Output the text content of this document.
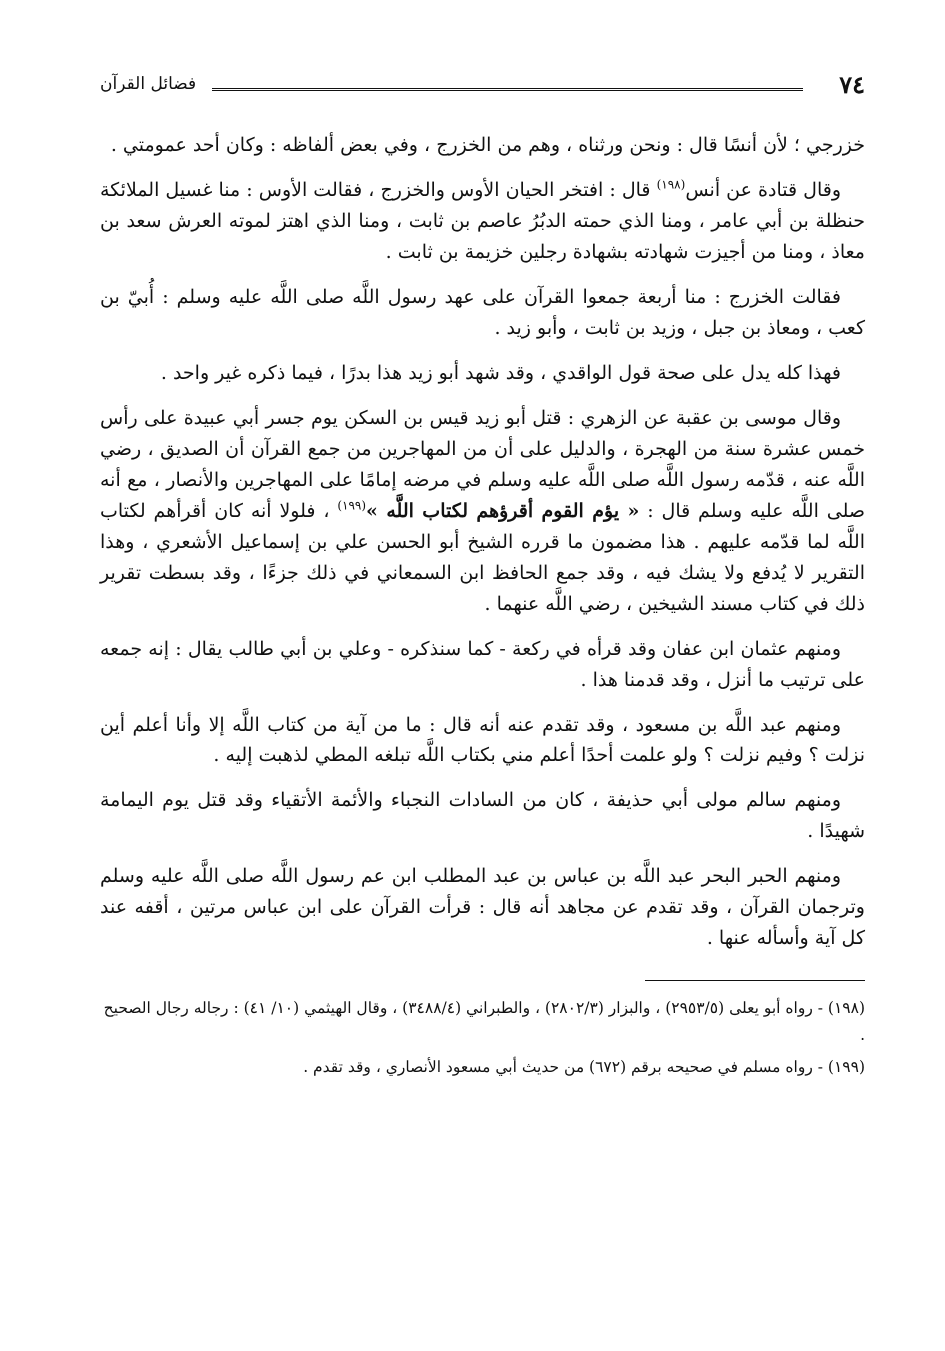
٧٤
فضائل القرآن

خزرجي ؛ لأن أنسًا قال : ونحن ورثناه ، وهم من الخزرج ، وفي بعض ألفاظه : وكان أحد عمومتي .

وقال قتادة عن أنس$^{(١٩٨)}$ قال : افتخر الحيان الأوس والخزرج ، فقالت الأوس : منا غسيل الملائكة حنظلة بن أبي عامر ، ومنا الذي حمته الدبُرُ عاصم بن ثابت ، ومنا الذي اهتز لموته العرش سعد بن معاذ ، ومنا من أجيزت شهادته بشهادة رجلين خزيمة بن ثابت .

فقالت الخزرج : منا أربعة جمعوا القرآن على عهد رسول اللَّه صلى اللَّه عليه وسلم : أُبيّ بن كعب ، ومعاذ بن جبل ، وزيد بن ثابت ، وأبو زيد .

فهذا كله يدل على صحة قول الواقدي ، وقد شهد أبو زيد هذا بدرًا ، فيما ذكره غير واحد .

وقال موسى بن عقبة عن الزهري : قتل أبو زيد قيس بن السكن يوم جسر أبي عبيدة على رأس خمس عشرة سنة من الهجرة ، والدليل على أن من المهاجرين من جمع القرآن أن الصديق ، رضي اللَّه عنه ، قدّمه رسول اللَّه صلى اللَّه عليه وسلم في مرضه إمامًا على المهاجرين والأنصار ، مع أنه صلى اللَّه عليه وسلم قال : « يؤم القوم أقرؤهم لكتاب اللَّه »$^{(١٩٩)}$ ، فلولا أنه كان أقرأهم لكتاب اللَّه لما قدّمه عليهم . هذا مضمون ما قرره الشيخ أبو الحسن علي بن إسماعيل الأشعري ، وهذا التقرير لا يُدفع ولا يشك فيه ، وقد جمع الحافظ ابن السمعاني في ذلك جزءًا ، وقد بسطت تقرير ذلك في كتاب مسند الشيخين ، رضي اللَّه عنهما .

ومنهم عثمان ابن عفان وقد قرأه في ركعة - كما سنذكره - وعلي بن أبي طالب يقال : إنه جمعه على ترتيب ما أنزل ، وقد قدمنا هذا .

ومنهم عبد اللَّه بن مسعود ، وقد تقدم عنه أنه قال : ما من آية من كتاب اللَّه إلا وأنا أعلم أين نزلت ؟ وفيم نزلت ؟ ولو علمت أحدًا أعلم مني بكتاب اللَّه تبلغه المطي لذهبت إليه .

ومنهم سالم مولى أبي حذيفة ، كان من السادات النجباء والأئمة الأتقياء وقد قتل يوم اليمامة شهيدًا .

ومنهم الحبر البحر عبد اللَّه بن عباس بن عبد المطلب ابن عم رسول اللَّه صلى اللَّه عليه وسلم وترجمان القرآن ، وقد تقدم عن مجاهد أنه قال : قرأت القرآن على ابن عباس مرتين ، أقفه عند كل آية وأسأله عنها .

(١٩٨) - رواه أبو يعلى (٢٩٥٣/٥) ، والبزار (٢٨٠٢/٣) ، والطبراني (٣٤٨٨/٤) ، وقال الهيثمي (١٠/ ٤١) : رجاله رجال الصحيح .

(١٩٩) - رواه مسلم في صحيحه برقم (٦٧٢) من حديث أبي مسعود الأنصاري ، وقد تقدم .
